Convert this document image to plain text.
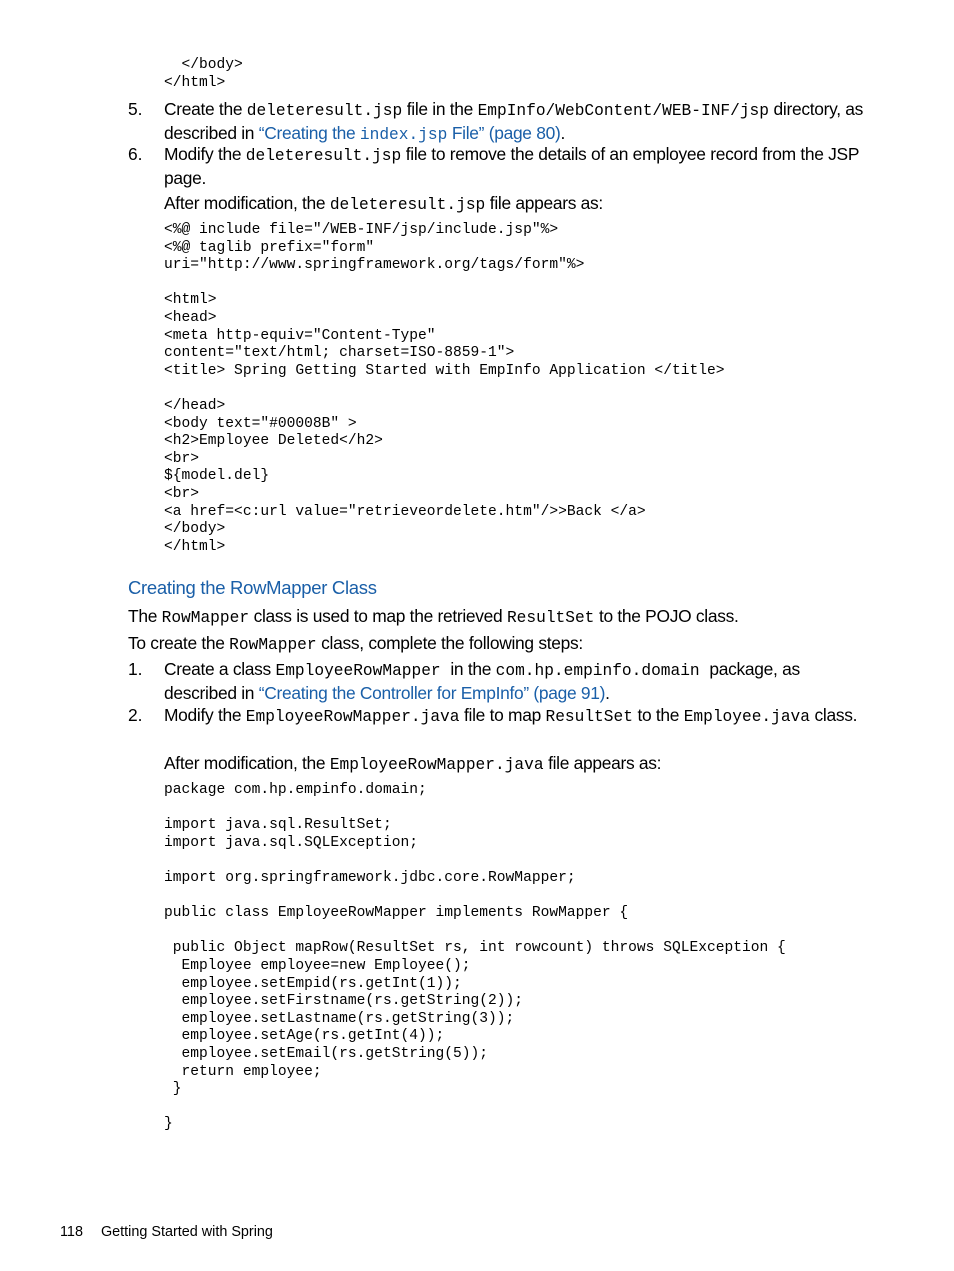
</body>
</html>
5. Create the deleteresult.jsp file in the EmpInfo/WebContent/WEB-INF/jsp directory, as described in “Creating the index.jsp File” (page 80).
6. Modify the deleteresult.jsp file to remove the details of an employee record from the JSP page.
After modification, the deleteresult.jsp file appears as:
<%@ include file="/WEB-INF/jsp/include.jsp"%>
<%@ taglib prefix="form"
uri="http://www.springframework.org/tags/form"%>

<html>
<head>
<meta http-equiv="Content-Type"
content="text/html; charset=ISO-8859-1">
<title> Spring Getting Started with EmpInfo Application </title>

</head>
<body text="#00008B" >
<h2>Employee Deleted</h2>
<br>
${model.del}
<br>
<a href=<c:url value="retrieveordelete.htm"/>>Back </a>
</body>
</html>
Creating the RowMapper Class
The RowMapper class is used to map the retrieved ResultSet to the POJO class.
To create the RowMapper class, complete the following steps:
1. Create a class EmployeeRowMapper in the com.hp.empinfo.domain package, as described in “Creating the Controller for EmpInfo” (page 91).
2. Modify the EmployeeRowMapper.java file to map ResultSet to the Employee.java class.
After modification, the EmployeeRowMapper.java file appears as:
package com.hp.empinfo.domain;

import java.sql.ResultSet;
import java.sql.SQLException;

import org.springframework.jdbc.core.RowMapper;

public class EmployeeRowMapper implements RowMapper {

public Object mapRow(ResultSet rs, int rowcount) throws SQLException {
Employee employee=new Employee();
employee.setEmpid(rs.getInt(1));
employee.setFirstname(rs.getString(2));
employee.setLastname(rs.getString(3));
employee.setAge(rs.getInt(4));
employee.setEmail(rs.getString(5));
return employee;
}

}
118 Getting Started with Spring
